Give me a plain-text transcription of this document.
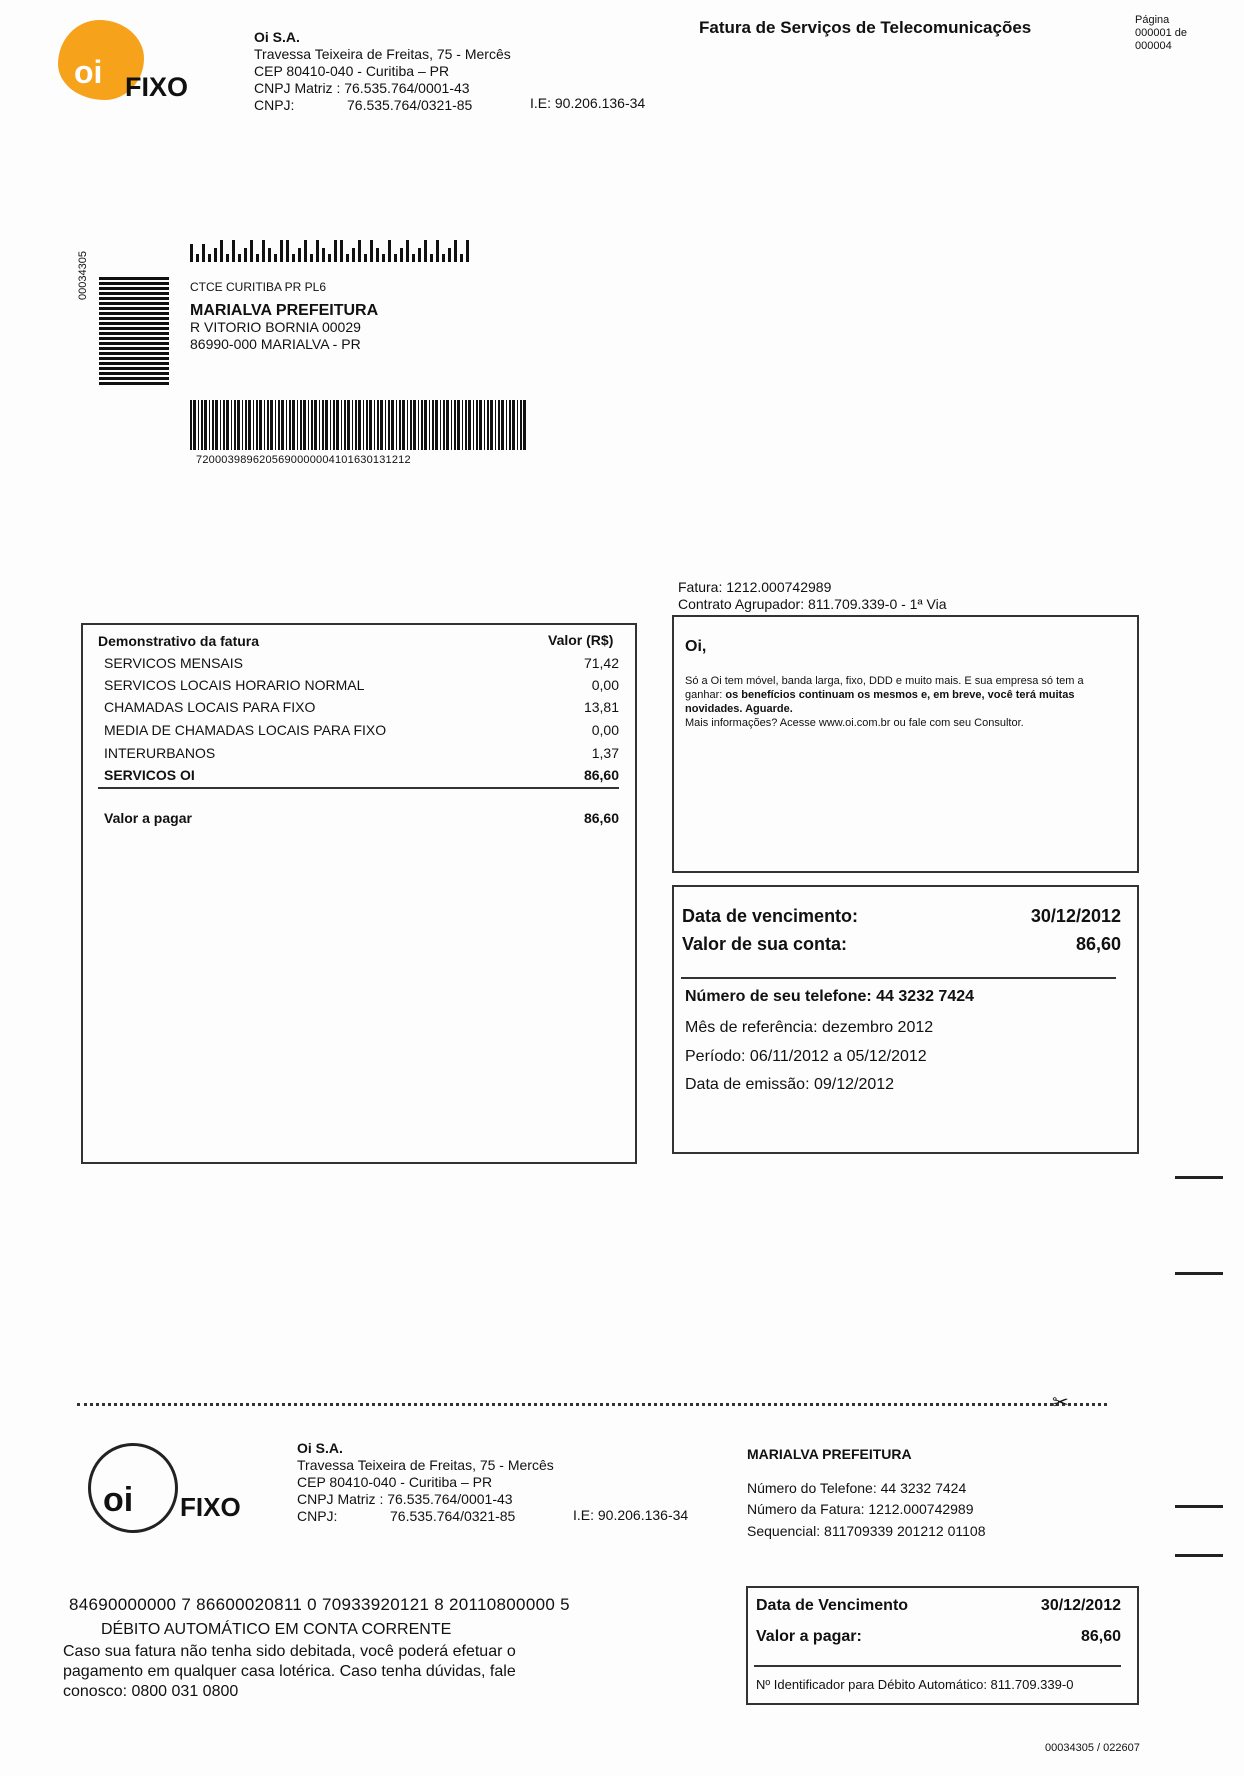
oi FIXO
Oi S.A.
Travessa Teixeira de Freitas, 75 - Mercês
CEP 80410-040 - Curitiba – PR
CNPJ Matriz : 76.535.764/0001-43
CNPJ:	76.535.764/0321-85	I.E: 90.206.136-34
Fatura de Serviços de Telecomunicações	Página
000001 de
000004
00034305	CTCE CURITIBA PR PL6
MARIALVA PREFEITURA
R VITORIO BORNIA 00029
86990-000 MARIALVA - PR
7200039896205690000004101630131212
Fatura: 1212.000742989
Contrato Agrupador: 811.709.339-0 - 1ª Via
Demonstrativo da fatura	Valor (R$)
SERVICOS MENSAIS	71,42
SERVICOS LOCAIS HORARIO NORMAL	0,00
CHAMADAS LOCAIS PARA FIXO	13,81
MEDIA DE CHAMADAS LOCAIS PARA FIXO	0,00
INTERURBANOS	1,37
SERVICOS OI	86,60
Valor a pagar	86,60
Oi,
Só a Oi tem móvel, banda larga, fixo, DDD e muito mais. E sua empresa só tem a ganhar: os benefícios continuam os mesmos e, em breve, você terá muitas novidades. Aguarde.
Mais informações? Acesse www.oi.com.br ou fale com seu Consultor.
Data de vencimento:	30/12/2012
Valor de sua conta:	86,60
Número de seu telefone: 44 3232 7424
Mês de referência: dezembro 2012
Período: 06/11/2012 a 05/12/2012
Data de emissão: 09/12/2012
✂
oi FIXO
Oi S.A.
Travessa Teixeira de Freitas, 75 - Mercês
CEP 80410-040 - Curitiba – PR
CNPJ Matriz : 76.535.764/0001-43
CNPJ:	76.535.764/0321-85	I.E: 90.206.136-34
MARIALVA PREFEITURA
Número do Telefone: 44 3232 7424
Número da Fatura: 1212.000742989
Sequencial: 811709339 201212 01108
84690000000 7 86600020811 0 70933920121 8 20110800000 5
DÉBITO AUTOMÁTICO EM CONTA CORRENTE
Caso sua fatura não tenha sido debitada, você poderá efetuar o pagamento em qualquer casa lotérica. Caso tenha dúvidas, fale conosco: 0800 031 0800
Data de Vencimento	30/12/2012
Valor a pagar:	86,60
Nº Identificador para Débito Automático: 811.709.339-0
00034305 / 022607
